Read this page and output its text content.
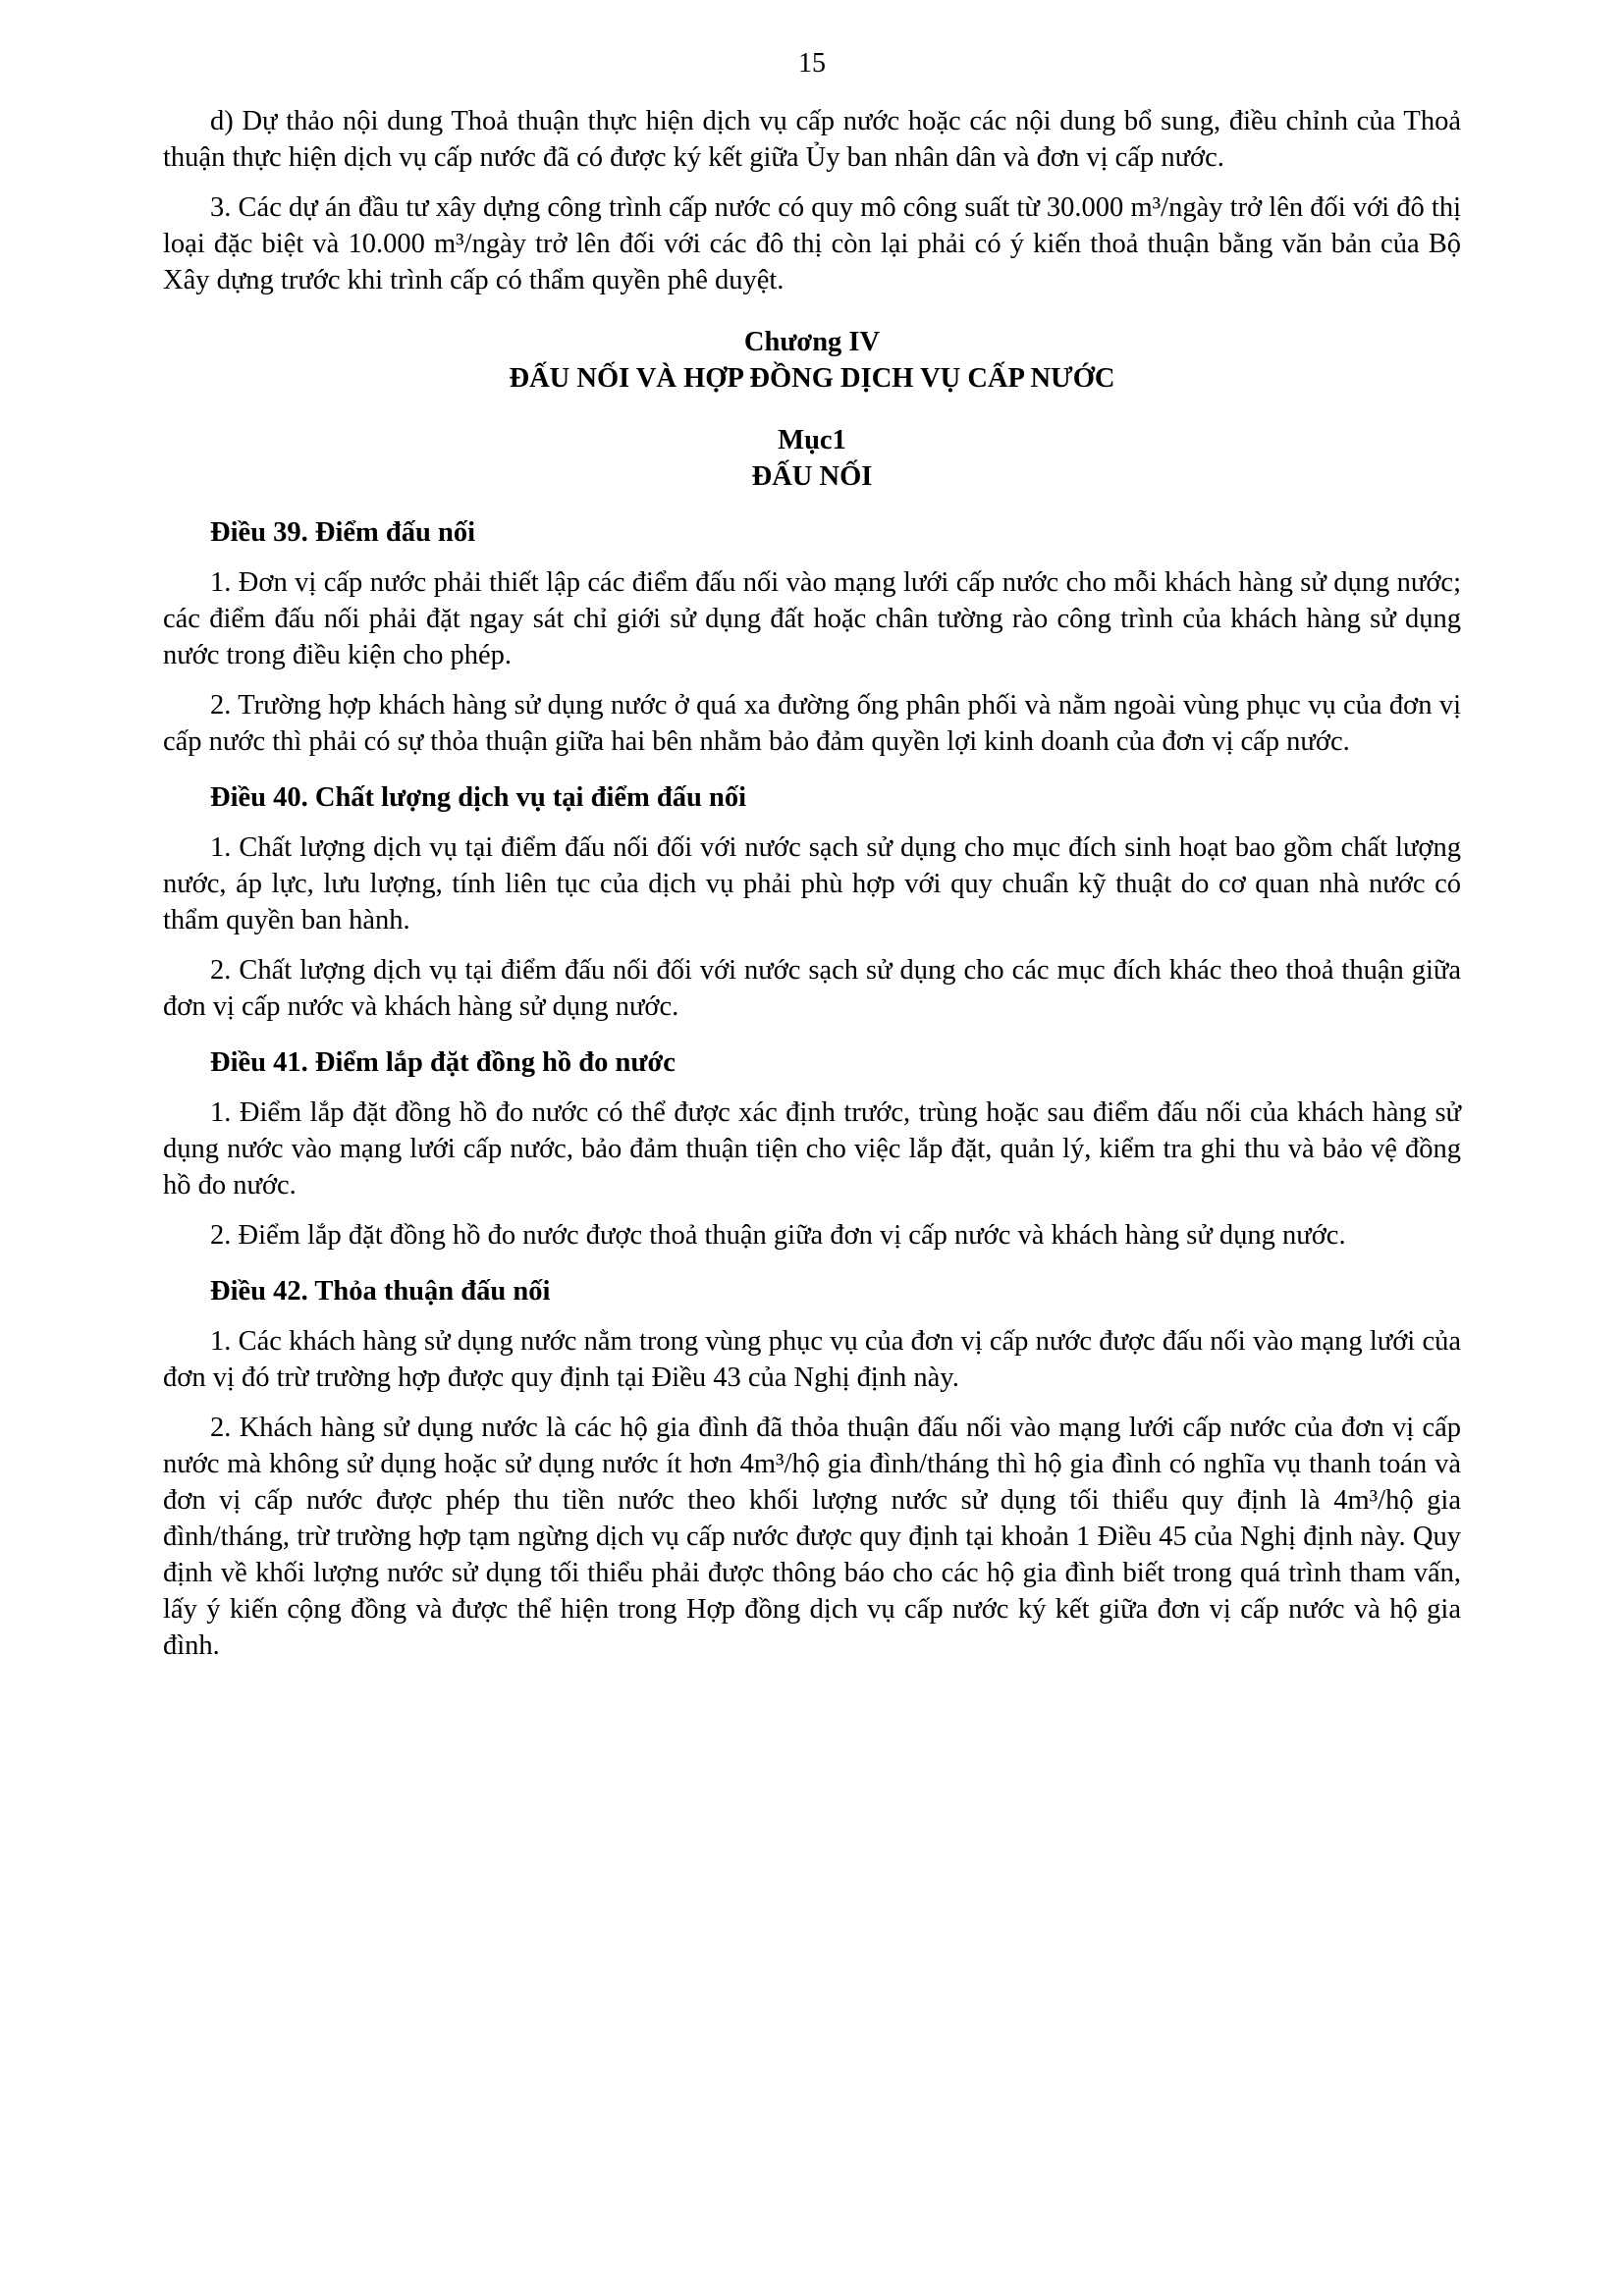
15

d) Dự thảo nội dung Thoả thuận thực hiện dịch vụ cấp nước hoặc các nội dung bổ sung, điều chỉnh của Thoả thuận thực hiện dịch vụ cấp nước đã có được ký kết giữa Ủy ban nhân dân và đơn vị cấp nước.

3. Các dự án đầu tư xây dựng công trình cấp nước có quy mô công suất từ 30.000 m³/ngày trở lên đối với đô thị loại đặc biệt và 10.000 m³/ngày trở lên đối với các đô thị còn lại phải có ý kiến thoả thuận bằng văn bản của Bộ Xây dựng trước khi trình cấp có thẩm quyền phê duyệt.

Chương IV
ĐẤU NỐI VÀ HỢP ĐỒNG DỊCH VỤ CẤP NƯỚC
Mục1
ĐẤU NỐI
Điều 39. Điểm đấu nối

1. Đơn vị cấp nước phải thiết lập các điểm đấu nối vào mạng lưới cấp nước cho mỗi khách hàng sử dụng nước; các điểm đấu nối phải đặt ngay sát chỉ giới sử dụng đất hoặc chân tường rào công trình của khách hàng sử dụng nước trong điều kiện cho phép.

2. Trường hợp khách hàng sử dụng nước ở quá xa đường ống phân phối và nằm ngoài vùng phục vụ của đơn vị cấp nước thì phải có sự thỏa thuận giữa hai bên nhằm bảo đảm quyền lợi kinh doanh của đơn vị cấp nước.

Điều 40. Chất lượng dịch vụ tại điểm đấu nối

1. Chất lượng dịch vụ tại điểm đấu nối đối với nước sạch sử dụng cho mục đích sinh hoạt bao gồm chất lượng nước, áp lực, lưu lượng, tính liên tục của dịch vụ phải phù hợp với quy chuẩn kỹ thuật do cơ quan nhà nước có thẩm quyền ban hành.

2. Chất lượng dịch vụ tại điểm đấu nối đối với nước sạch sử dụng cho các mục đích khác theo thoả thuận giữa đơn vị cấp nước và khách hàng sử dụng nước.

Điều 41. Điểm lắp đặt đồng hồ đo nước

1. Điểm lắp đặt đồng hồ đo nước có thể được xác định trước, trùng hoặc sau điểm đấu nối của khách hàng sử dụng nước vào mạng lưới cấp nước, bảo đảm thuận tiện cho việc lắp đặt, quản lý, kiểm tra ghi thu và bảo vệ đồng hồ đo nước.

2. Điểm lắp đặt đồng hồ đo nước được thoả thuận giữa đơn vị cấp nước và khách hàng sử dụng nước.

Điều 42. Thỏa thuận đấu nối

1. Các khách hàng sử dụng nước nằm trong vùng phục vụ của đơn vị cấp nước được đấu nối vào mạng lưới của đơn vị đó trừ trường hợp được quy định tại Điều 43 của Nghị định này.

2. Khách hàng sử dụng nước là các hộ gia đình đã thỏa thuận đấu nối vào mạng lưới cấp nước của đơn vị cấp nước mà không sử dụng hoặc sử dụng nước ít hơn 4m³/hộ gia đình/tháng thì hộ gia đình có nghĩa vụ thanh toán và đơn vị cấp nước được phép thu tiền nước theo khối lượng nước sử dụng tối thiểu quy định là 4m³/hộ gia đình/tháng, trừ trường hợp tạm ngừng dịch vụ cấp nước được quy định tại khoản 1 Điều 45 của Nghị định này. Quy định về khối lượng nước sử dụng tối thiểu phải được thông báo cho các hộ gia đình biết trong quá trình tham vấn, lấy ý kiến cộng đồng và được thể hiện trong Hợp đồng dịch vụ cấp nước ký kết giữa đơn vị cấp nước và hộ gia đình.
